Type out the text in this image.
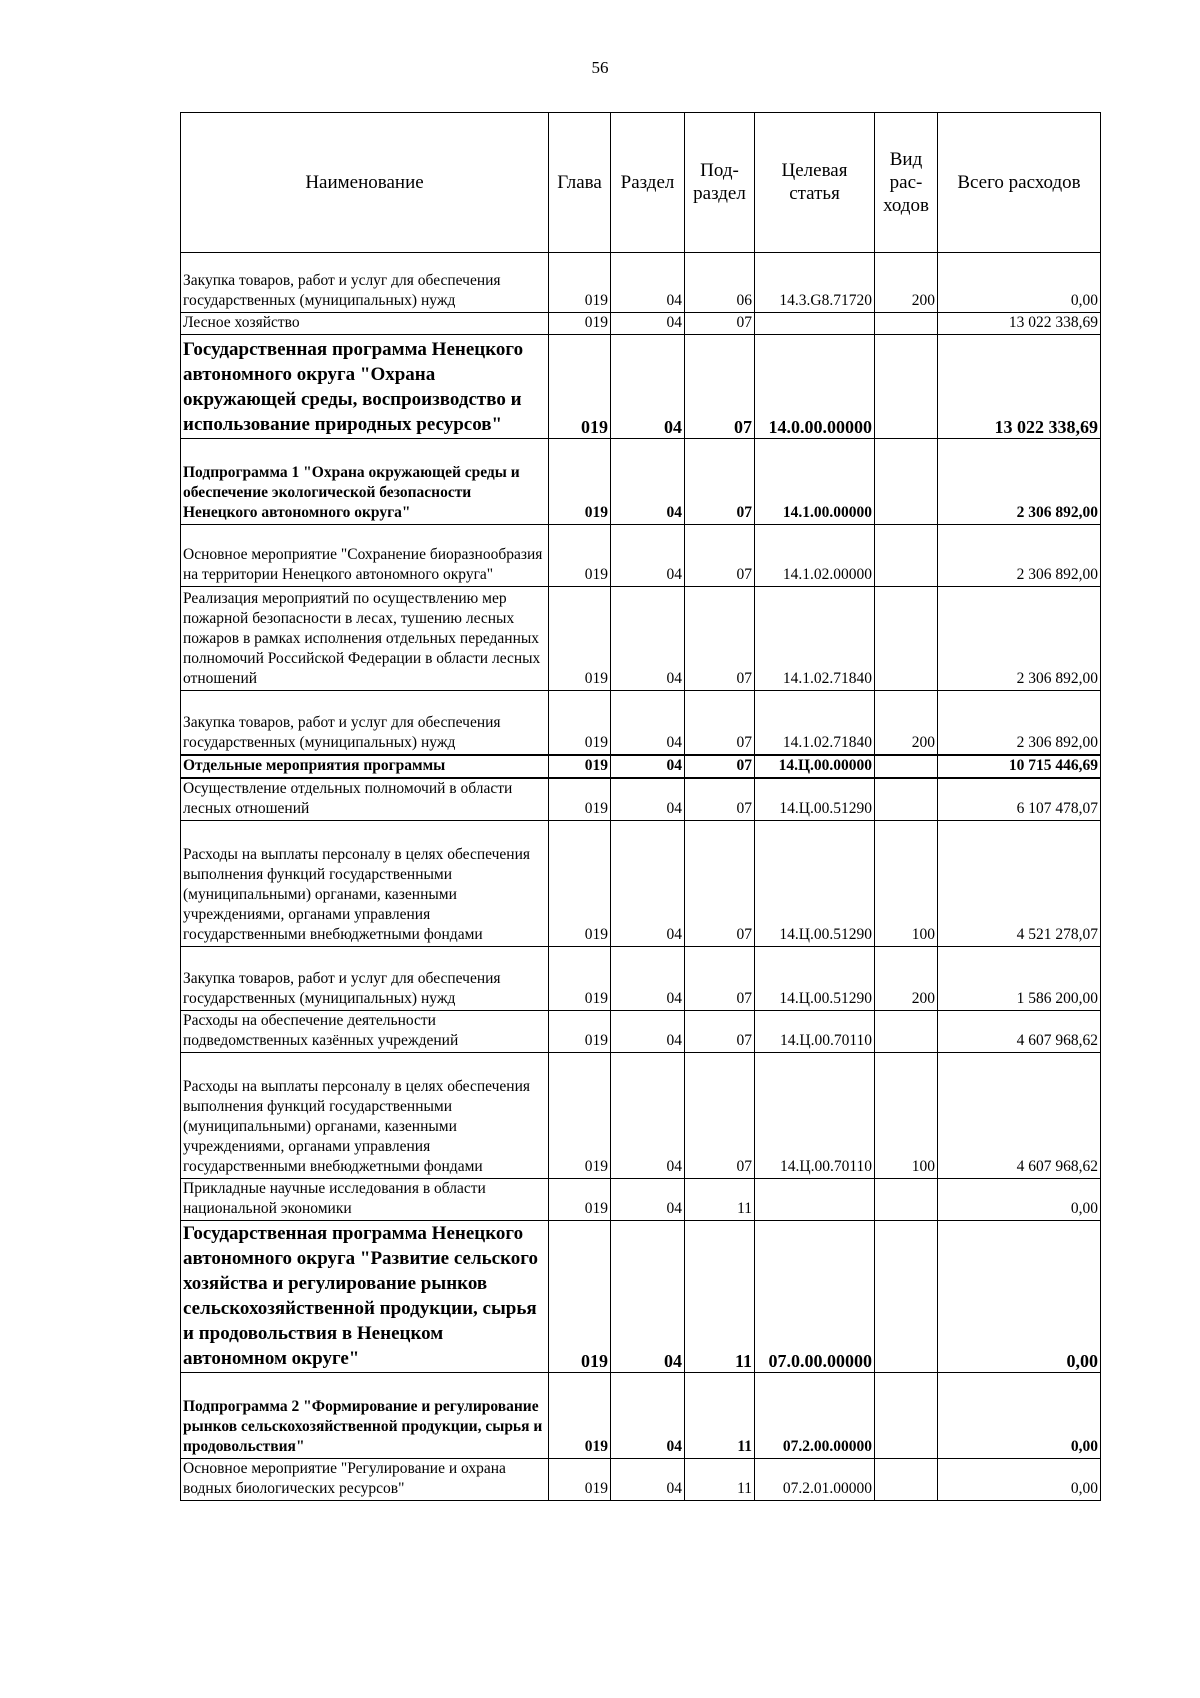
56
Наименование	Глава	Раздел	Под-раздел	Целевая статья	Вид рас-ходов	Всего расходов
Закупка товаров, работ и услуг для обеспечения государственных (муниципальных) нужд	019	04	06	14.3.G8.71720	200	0,00
Лесное хозяйство	019	04	07			13 022 338,69
Государственная программа Ненецкого автономного округа "Охрана окружающей среды, воспроизводство и использование природных ресурсов"	019	04	07	14.0.00.00000		13 022 338,69
Подпрограмма 1 "Охрана окружающей среды и обеспечение экологической безопасности Ненецкого автономного округа"	019	04	07	14.1.00.00000		2 306 892,00
Основное мероприятие "Сохранение биоразнообразия на территории Ненецкого автономного округа"	019	04	07	14.1.02.00000		2 306 892,00
Реализация мероприятий по осуществлению мер пожарной безопасности в лесах, тушению лесных пожаров в рамках исполнения отдельных переданных полномочий Российской Федерации в области лесных отношений	019	04	07	14.1.02.71840		2 306 892,00
Закупка товаров, работ и услуг для обеспечения государственных (муниципальных) нужд	019	04	07	14.1.02.71840	200	2 306 892,00
Отдельные мероприятия программы	019	04	07	14.Ц.00.00000		10 715 446,69
Осуществление отдельных полномочий в области лесных отношений	019	04	07	14.Ц.00.51290		6 107 478,07
Расходы на выплаты персоналу в целях обеспечения выполнения функций государственными (муниципальными) органами, казенными учреждениями, органами управления государственными внебюджетными фондами	019	04	07	14.Ц.00.51290	100	4 521 278,07
Закупка товаров, работ и услуг для обеспечения государственных (муниципальных) нужд	019	04	07	14.Ц.00.51290	200	1 586 200,00
Расходы на обеспечение деятельности подведомственных казённых учреждений	019	04	07	14.Ц.00.70110		4 607 968,62
Расходы на выплаты персоналу в целях обеспечения выполнения функций государственными (муниципальными) органами, казенными учреждениями, органами управления государственными внебюджетными фондами	019	04	07	14.Ц.00.70110	100	4 607 968,62
Прикладные научные исследования в области национальной экономики	019	04	11			0,00
Государственная программа Ненецкого автономного округа "Развитие сельского хозяйства и регулирование рынков сельскохозяйственной продукции, сырья и продовольствия в Ненецком автономном округе"	019	04	11	07.0.00.00000		0,00
Подпрограмма 2 "Формирование и регулирование рынков сельскохозяйственной продукции, сырья и продовольствия"	019	04	11	07.2.00.00000		0,00
Основное мероприятие "Регулирование и охрана водных биологических ресурсов"	019	04	11	07.2.01.00000		0,00
